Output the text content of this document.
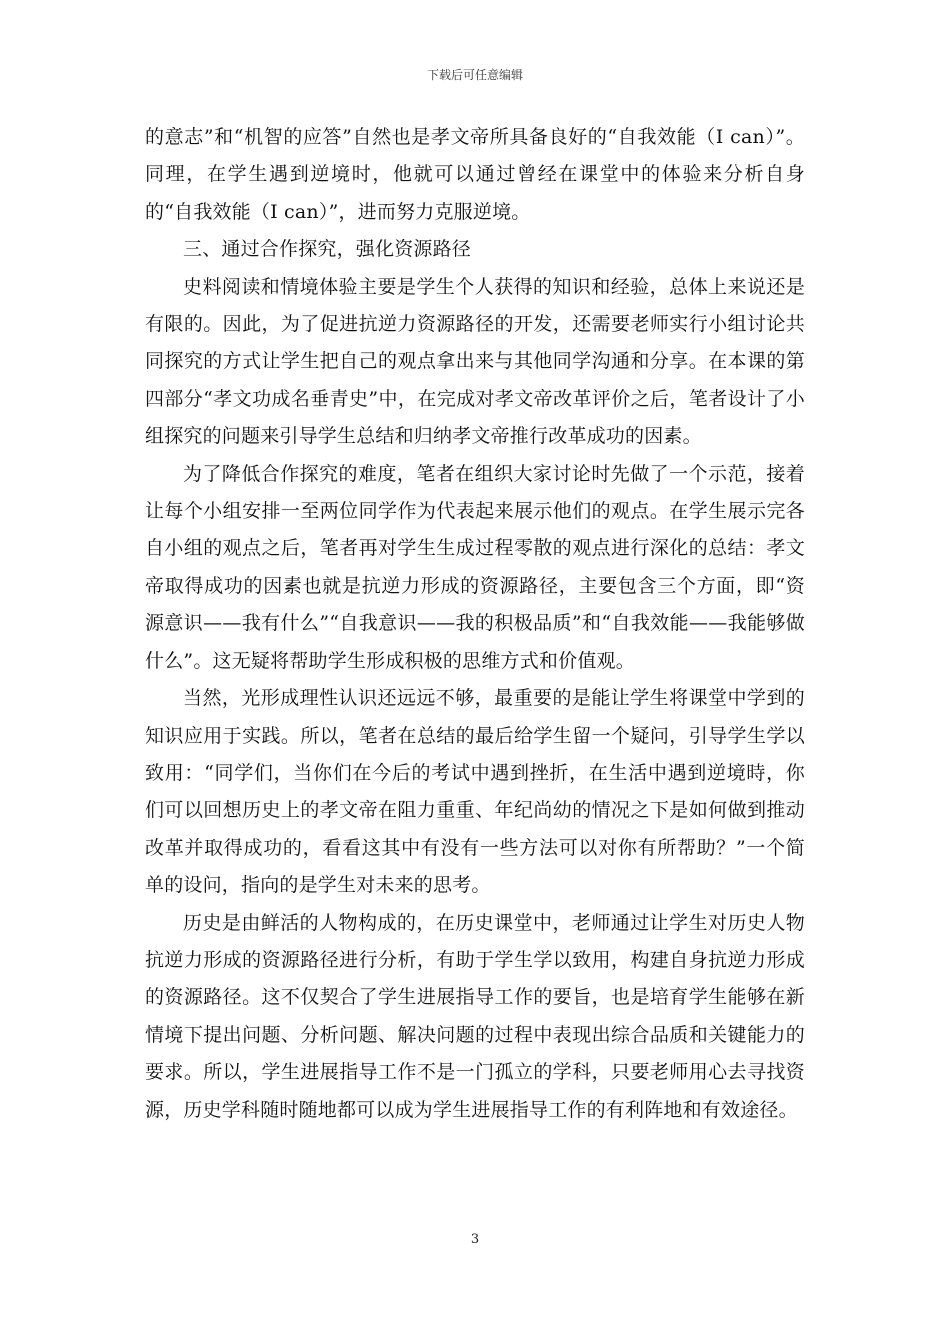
下载后可任意编辑

的意志”和“机智的应答”自然也是孝文帝所具备良好的“自我效能（I can）”。同理，在学生遇到逆境时，他就可以通过曾经在课堂中的体验来分析自身的“自我效能（I can）”，进而努力克服逆境。

三、通过合作探究，强化资源路径

史料阅读和情境体验主要是学生个人获得的知识和经验，总体上来说还是有限的。因此，为了促进抗逆力资源路径的开发，还需要老师实行小组讨论共同探究的方式让学生把自己的观点拿出来与其他同学沟通和分享。在本课的第四部分“孝文功成名垂青史”中，在完成对孝文帝改革评价之后，笔者设计了小组探究的问题来引导学生总结和归纳孝文帝推行改革成功的因素。

为了降低合作探究的难度，笔者在组织大家讨论时先做了一个示范，接着让每个小组安排一至两位同学作为代表起来展示他们的观点。在学生展示完各自小组的观点之后，笔者再对学生生成过程零散的观点进行深化的总结：孝文帝取得成功的因素也就是抗逆力形成的资源路径，主要包含三个方面，即“资源意识——我有什么”“自我意识——我的积极品质”和“自我效能——我能够做什么”。这无疑将帮助学生形成积极的思维方式和价值观。

当然，光形成理性认识还远远不够，最重要的是能让学生将课堂中学到的知识应用于实践。所以，笔者在总结的最后给学生留一个疑问，引导学生学以致用：“同学们，当你们在今后的考试中遇到挫折，在生活中遇到逆境時，你们可以回想历史上的孝文帝在阻力重重、年纪尚幼的情况之下是如何做到推动改革并取得成功的，看看这其中有没有一些方法可以对你有所帮助？”一个简单的设问，指向的是学生对未来的思考。

历史是由鲜活的人物构成的，在历史课堂中，老师通过让学生对历史人物抗逆力形成的资源路径进行分析，有助于学生学以致用，构建自身抗逆力形成的资源路径。这不仅契合了学生进展指导工作的要旨，也是培育学生能够在新情境下提出问题、分析问题、解决问题的过程中表现出综合品质和关键能力的要求。所以，学生进展指导工作不是一门孤立的学科，只要老师用心去寻找资源，历史学科随时随地都可以成为学生进展指导工作的有利阵地和有效途径。

3
